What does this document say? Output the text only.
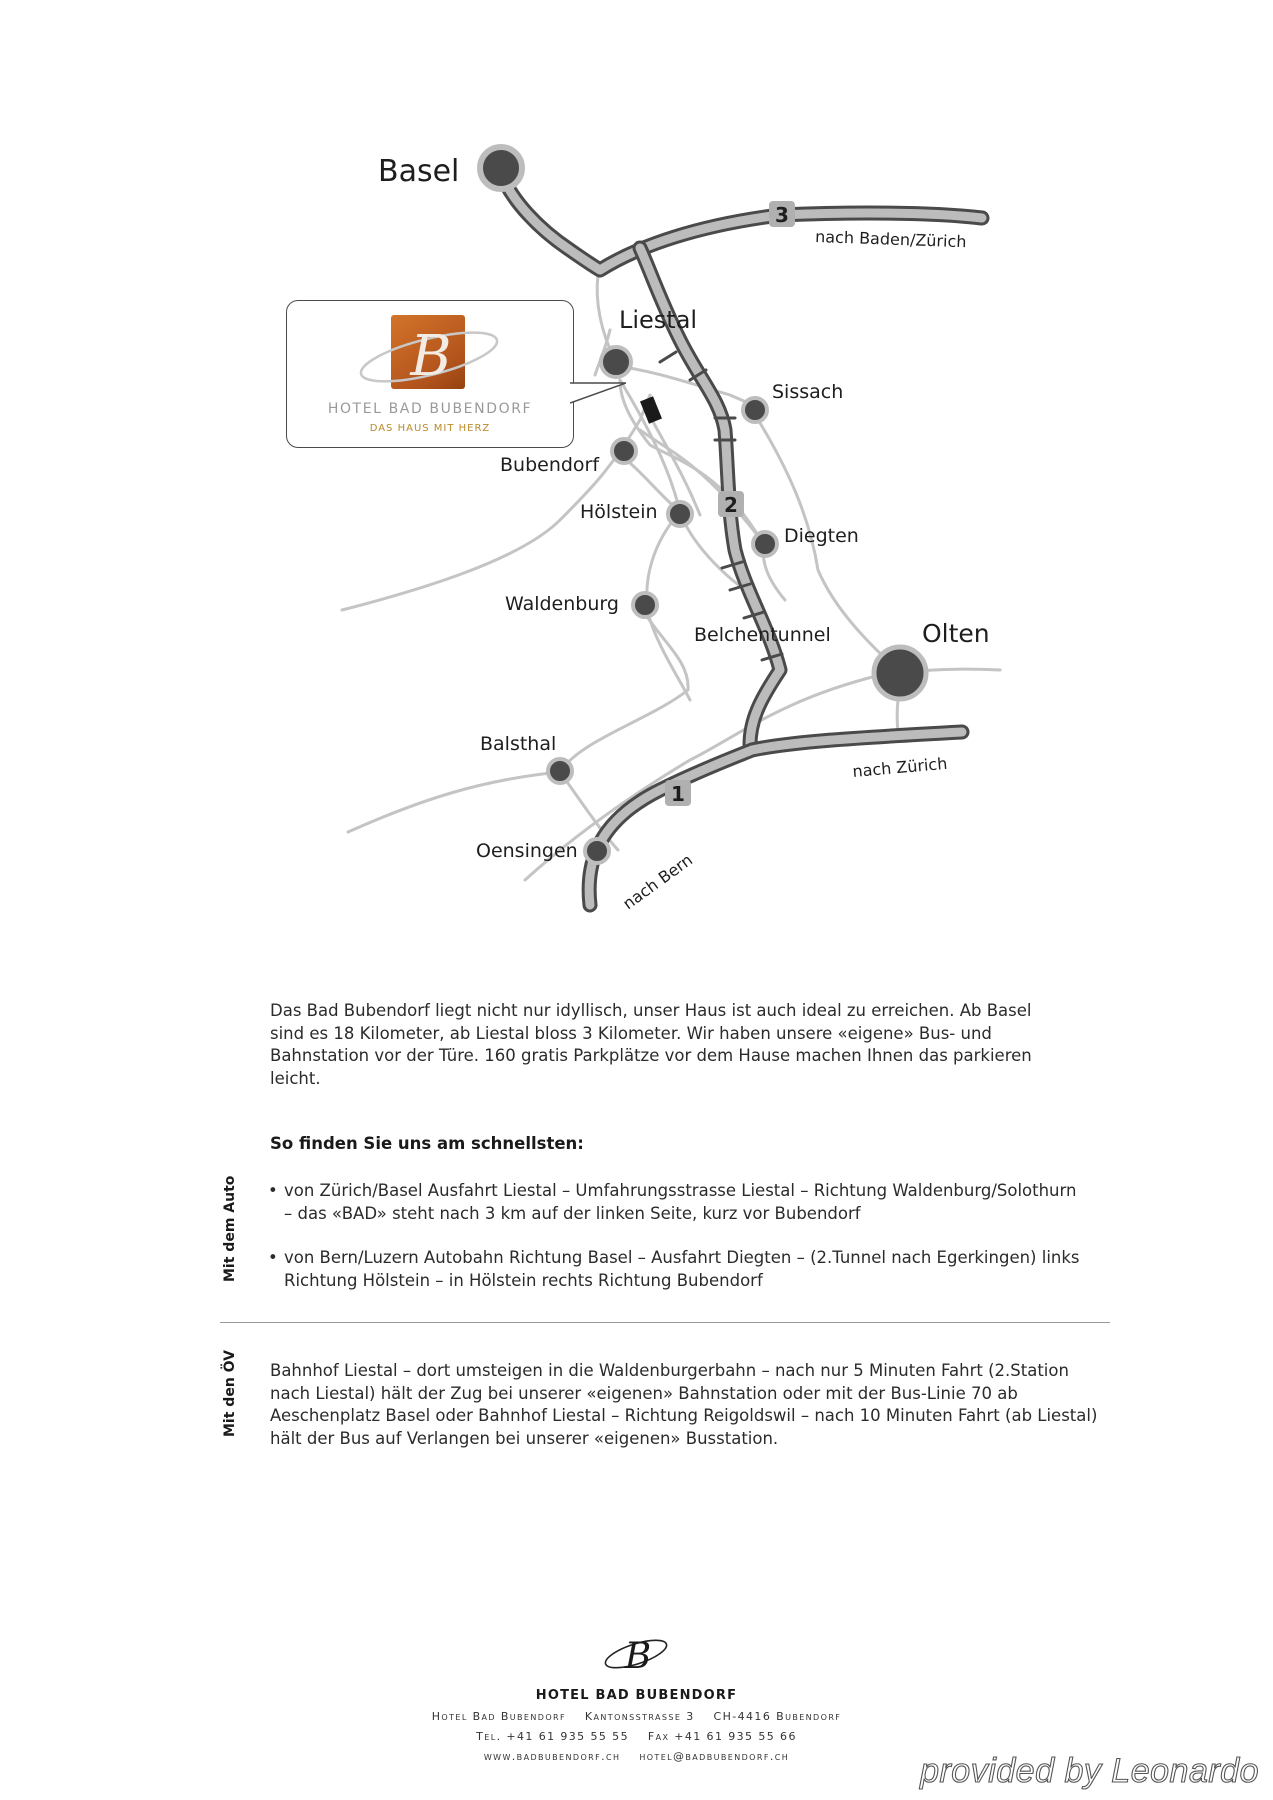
3
2
1
Basel
Liestal
Sissach
Bubendorf
Hölstein
Diegten
Waldenburg
Belchentunnel	Olten
Balsthal
Oensingen
nach Baden/Zürich
nach Zürich
nach Bern
B
HOTEL BAD BUBENDORF
DAS HAUS MIT HERZ

Das Bad Bubendorf liegt nicht nur idyllisch, unser Haus ist auch ideal zu erreichen. Ab Basel sind es 18 Kilometer, ab Liestal bloss 3 Kilometer. Wir haben unsere «eigene» Bus- und Bahnstation vor der Türe. 160 gratis Parkplätze vor dem Hause machen Ihnen das parkieren leicht.

So finden Sie uns am schnellsten:

Mit dem Auto
•	von Zürich/Basel Ausfahrt Liestal – Umfahrungsstrasse Liestal – Richtung Waldenburg/Solothurn – das «BAD» steht nach 3 km auf der linken Seite, kurz vor Bubendorf
• von Bern/Luzern Autobahn Richtung Basel – Ausfahrt Diegten – (2.Tunnel nach Egerkingen) links Richtung Hölstein – in Hölstein rechts Richtung Bubendorf
Mit den ÖV Bahnhof Liestal – dort umsteigen in die Waldenburgerbahn – nach nur 5 Minuten Fahrt (2.Station nach Liestal) hält der Zug bei unserer «eigenen» Bahnstation oder mit der Bus-Linie 70 ab Aeschenplatz Basel oder Bahnhof Liestal – Richtung Reigoldswil – nach 10 Minuten Fahrt (ab Liestal) hält der Bus auf Verlangen bei unserer «eigenen» Busstation.

B
HOTEL BAD BUBENDORF
Hotel Bad Bubendorf Kantonsstrasse 3 CH-4416 Bubendorf
Tel. +41 61 935 55 55 Fax +41 61 935 55 66
www.badbubendorf.ch hotel@badbubendorf.ch	provided by Leonardo
